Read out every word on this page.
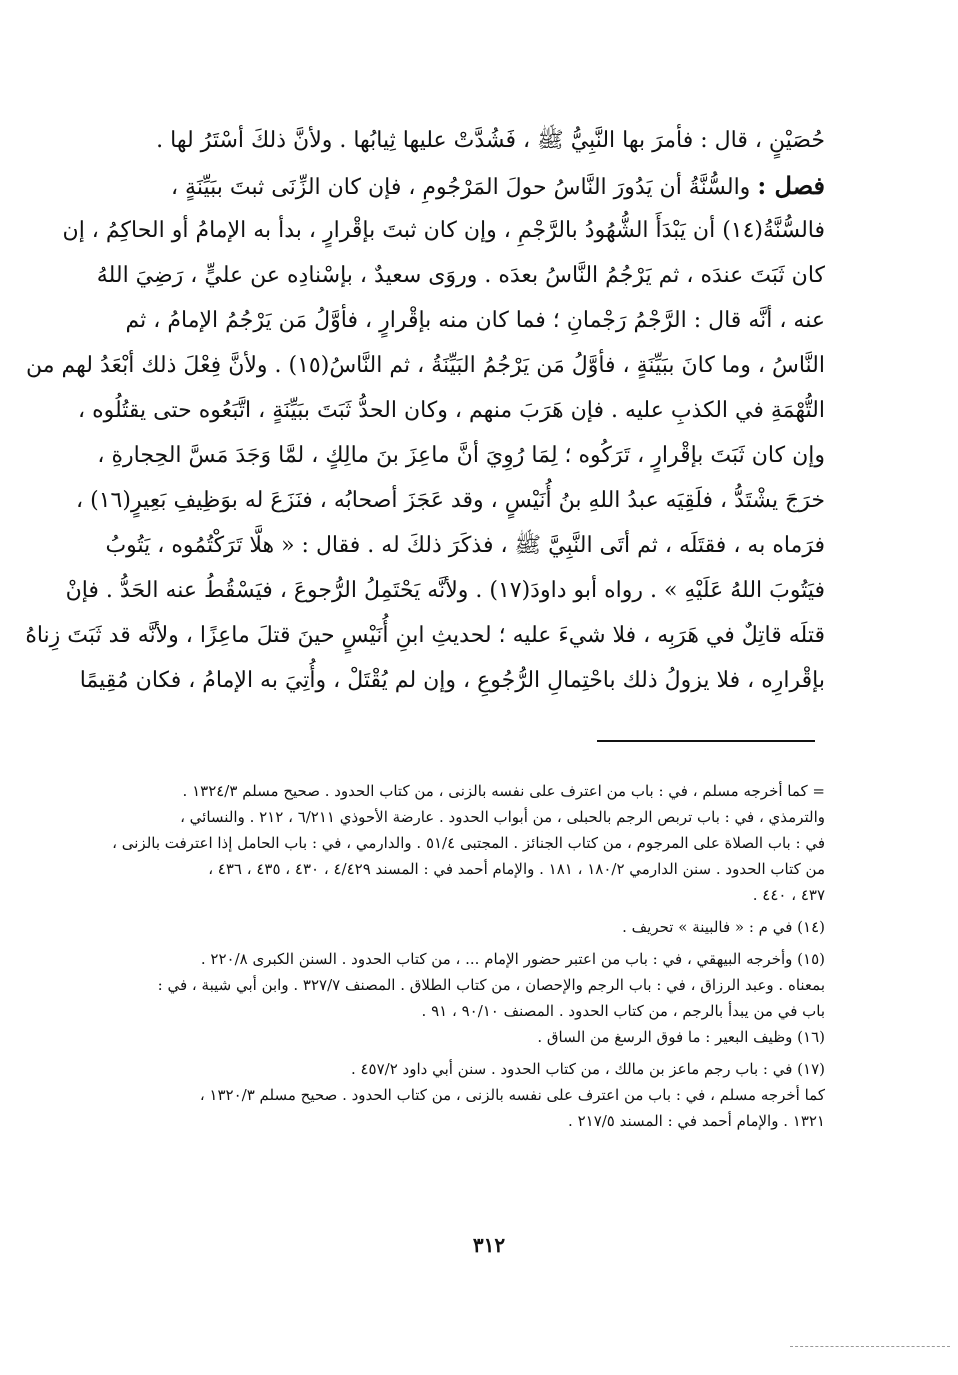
حُصَيْنٍ ، قال : فأمرَ بها النَّبِيُّ ﷺ ، فَشُدَّتْ عليها ثِيابُها . ولأنَّ ذلكَ أسْتَرُ لها .
فصل : والسُّنَّةُ أن يَدُورَ النَّاسُ حولَ المَرْجُومِ ، فإن كان الزِّنَى ثبتَ ببَيِّنَةٍ ،
فالسُّنَّةُ(١٤) أن يَبْدَأَ الشُّهُودُ بالرَّجْمِ ، وإن كان ثبتَ بإقْرارٍ ، بدأ به الإمامُ أو الحاكِمُ ، إن
كان ثَبَتَ عندَه ، ثم يَرْجُمُ النَّاسُ بعدَه . وروَى سعيدٌ ، بإسْنادِه عن عليٍّ ، رَضِيَ اللهُ
عنه ، أنَّه قال : الرَّجْمُ رَجْمانِ ؛ فما كان منه بإقْرارٍ ، فأوَّلُ مَن يَرْجُمُ الإمامُ ، ثم
النَّاسُ ، وما كانَ ببَيِّنَةٍ ، فأوَّلُ مَن يَرْجُمُ البَيِّنَةُ ، ثم النَّاسُ(١٥) . ولأنَّ فِعْلَ ذلك أبْعَدُ لهم من
التُّهْمَةِ في الكذبِ عليه . فإن هَرَبَ منهم ، وكان الحدُّ ثَبَتَ ببَيِّنَةٍ ، اتَّبَعُوه حتى يقتُلُوه ،
وإن كان ثَبَتَ بإقْرارٍ ، تَرَكُوه ؛ لِمَا رُوِيَ أنَّ ماعِزَ بنَ مالِكٍ ، لمَّا وَجَدَ مَسَّ الحِجارةِ ،
خرَجَ يشْتَدُّ ، فلَقِيَه عبدُ اللهِ بنُ أُنَيْسٍ ، وقد عَجَزَ أصحابُه ، فنَزَعَ له بوَظِيفِ بَعِيرٍ(١٦) ،
فرَماه به ، فقتَلَه ، ثم أتَى النَّبِيَّ ﷺ ، فذكَرَ ذلكَ له . فقال : « هلَّا تَرَكْتُمُوه ، يَتُوبُ
فيَتُوبَ اللهُ عَلَيْهِ » . رواه أبو داودَ(١٧) . ولأنَّه يَحْتَمِلُ الرُّجوعَ ، فيَسْقُطُ عنه الحَدُّ . فإنْ
قتلَه قاتِلٌ في هَرَبِه ، فلا شيءَ عليه ؛ لحديثِ ابنِ أُنَيْسٍ حينَ قتلَ ماعِزًا ، ولأنَّه قد ثَبَتَ زِناهُ
بإقْرارِه ، فلا يزولُ ذلك باحْتِمالِ الرُّجُوعِ ، وإن لم يُقْتَلْ ، وأُتِيَ به الإمامُ ، فكان مُقِيمًا
= كما أخرجه مسلم ، في : باب من اعترف على نفسه بالزنى ، من كتاب الحدود . صحيح مسلم ١٣٢٤/٣ .
والترمذي ، في : باب تربص الرجم بالحبلى ، من أبواب الحدود . عارضة الأحوذي ٦/٢١١ ، ٢١٢ . والنسائي ،
في : باب الصلاة على المرجوم ، من كتاب الجنائز . المجتبى ٥١/٤ . والدارمي ، في : باب الحامل إذا اعترفت بالزنى ،
من كتاب الحدود . سنن الدارمي ١٨٠/٢ ، ١٨١ . والإمام أحمد في : المسند ٤/٤٢٩ ، ٤٣٠ ، ٤٣٥ ، ٤٣٦ ،
٤٣٧ ، ٤٤٠ .
(١٤) في م : « فالبينة » تحريف .
(١٥) وأخرجه البيهقي ، في : باب من اعتبر حضور الإمام ... ، من كتاب الحدود . السنن الكبرى ٢٢٠/٨ .
بمعناه . وعبد الرزاق ، في : باب الرجم والإحصان ، من كتاب الطلاق . المصنف ٣٢٧/٧ . وابن أبي شيبة ، في :
باب في من يبدأ بالرجم ، من كتاب الحدود . المصنف ٩٠/١٠ ، ٩١ .
(١٦) وظيف البعير : ما فوق الرسغ من الساق .
(١٧) في : باب رجم ماعز بن مالك ، من كتاب الحدود . سنن أبي داود ٤٥٧/٢ .
كما أخرجه مسلم ، في : باب من اعترف على نفسه بالزنى ، من كتاب الحدود . صحيح مسلم ١٣٢٠/٣ ،
١٣٢١ . والإمام أحمد في : المسند ٢١٧/٥ .
٣١٢
